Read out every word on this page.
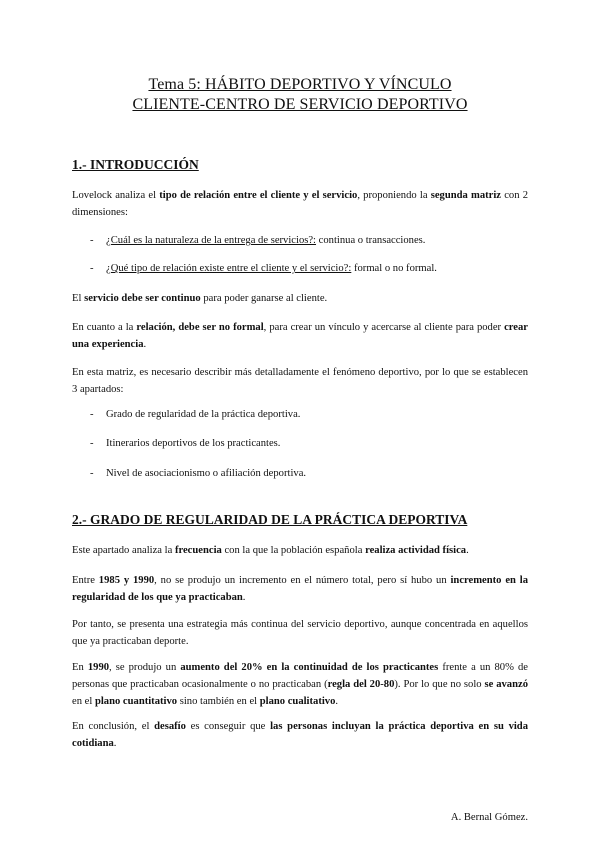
Tema 5: HÁBITO DEPORTIVO Y VÍNCULO
CLIENTE-CENTRO DE SERVICIO DEPORTIVO
1.- INTRODUCCIÓN
Lovelock analiza el tipo de relación entre el cliente y el servicio, proponiendo la segunda matriz con 2 dimensiones:
- ¿Cuál es la naturaleza de la entrega de servicios?: continua o transacciones.
- ¿Qué tipo de relación existe entre el cliente y el servicio?: formal o no formal.
El servicio debe ser continuo para poder ganarse al cliente.
En cuanto a la relación, debe ser no formal, para crear un vínculo y acercarse al cliente para poder crear una experiencia.
En esta matriz, es necesario describir más detalladamente el fenómeno deportivo, por lo que se establecen 3 apartados:
- Grado de regularidad de la práctica deportiva.
- Itinerarios deportivos de los practicantes.
- Nivel de asociacionismo o afiliación deportiva.
2.- GRADO DE REGULARIDAD DE LA PRÁCTICA DEPORTIVA
Este apartado analiza la frecuencia con la que la población española realiza actividad física.
Entre 1985 y 1990, no se produjo un incremento en el número total, pero sí hubo un incremento en la regularidad de los que ya practicaban.
Por tanto, se presenta una estrategia más continua del servicio deportivo, aunque concentrada en aquellos que ya practicaban deporte.
En 1990, se produjo un aumento del 20% en la continuidad de los practicantes frente a un 80% de personas que practicaban ocasionalmente o no practicaban (regla del 20-80). Por lo que no solo se avanzó en el plano cuantitativo sino también en el plano cualitativo.
En conclusión, el desafío es conseguir que las personas incluyan la práctica deportiva en su vida cotidiana.
A. Bernal Gómez.
